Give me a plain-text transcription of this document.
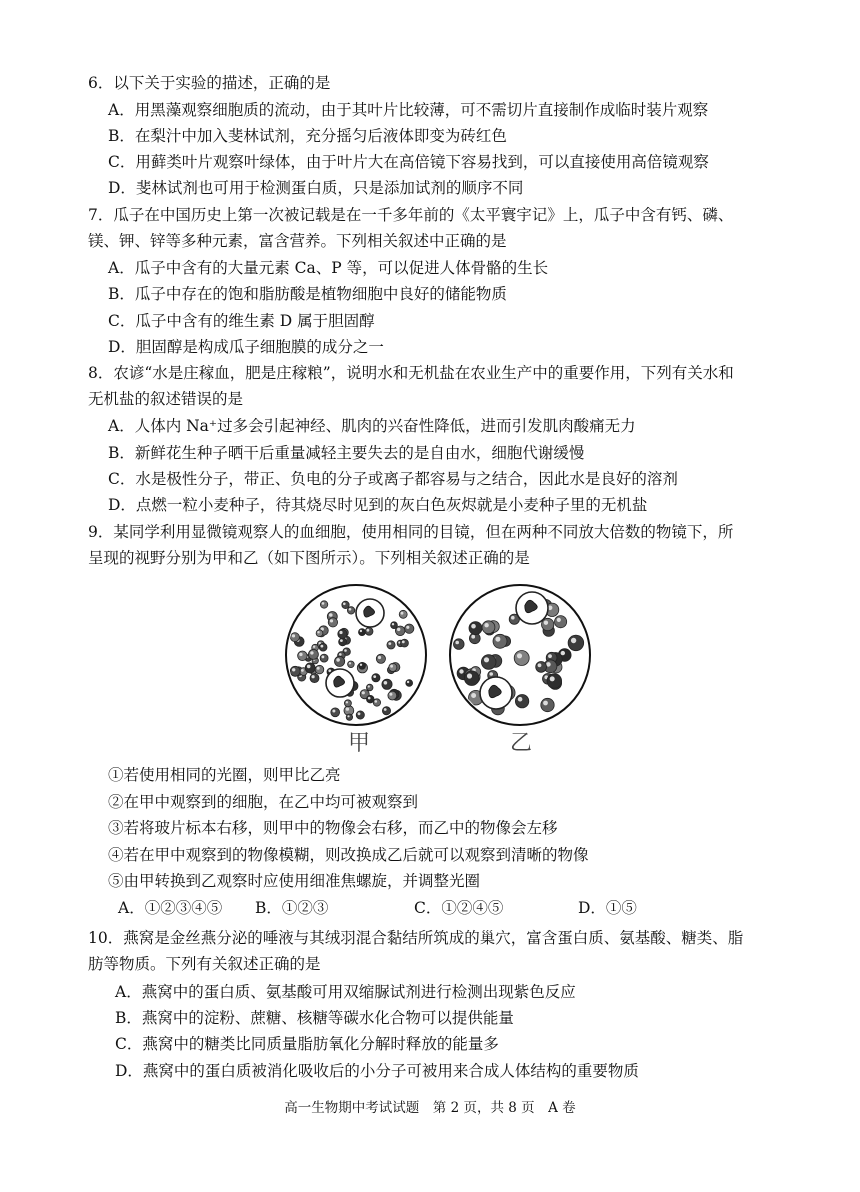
6．以下关于实验的描述，正确的是
A．用黑藻观察细胞质的流动，由于其叶片比较薄，可不需切片直接制作成临时装片观察
B．在梨汁中加入斐林试剂，充分摇匀后液体即变为砖红色
C．用藓类叶片观察叶绿体，由于叶片大在高倍镜下容易找到，可以直接使用高倍镜观察
D．斐林试剂也可用于检测蛋白质，只是添加试剂的顺序不同
7．瓜子在中国历史上第一次被记载是在一千多年前的《太平寰宇记》上，瓜子中含有钙、磷、
镁、钾、锌等多种元素，富含营养。下列相关叙述中正确的是
A．瓜子中含有的大量元素 Ca、P 等，可以促进人体骨骼的生长
B．瓜子中存在的饱和脂肪酸是植物细胞中良好的储能物质
C．瓜子中含有的维生素 D 属于胆固醇
D．胆固醇是构成瓜子细胞膜的成分之一
8．农谚“水是庄稼血，肥是庄稼粮”，说明水和无机盐在农业生产中的重要作用，下列有关水和
无机盐的叙述错误的是
A．人体内 Na⁺过多会引起神经、肌肉的兴奋性降低，进而引发肌肉酸痛无力
B．新鲜花生种子晒干后重量减轻主要失去的是自由水，细胞代谢缓慢
C．水是极性分子，带正、负电的分子或离子都容易与之结合，因此水是良好的溶剂
D．点燃一粒小麦种子，待其烧尽时见到的灰白色灰烬就是小麦种子里的无机盐
9．某同学利用显微镜观察人的血细胞，使用相同的目镜，但在两种不同放大倍数的物镜下，所
呈现的视野分别为甲和乙（如下图所示）。下列相关叙述正确的是
甲	乙
①若使用相同的光圈，则甲比乙亮
②在甲中观察到的细胞，在乙中均可被观察到
③若将玻片标本右移，则甲中的物像会右移，而乙中的物像会左移
④若在甲中观察到的物像模糊，则改换成乙后就可以观察到清晰的物像
⑤由甲转换到乙观察时应使用细准焦螺旋，并调整光圈
A．①②③④⑤ B．①②③	C．①②④⑤	D．①⑤
10．燕窝是金丝燕分泌的唾液与其绒羽混合黏结所筑成的巢穴，富含蛋白质、氨基酸、糖类、脂
肪等物质。下列有关叙述正确的是
A．燕窝中的蛋白质、氨基酸可用双缩脲试剂进行检测出现紫色反应
B．燕窝中的淀粉、蔗糖、核糖等碳水化合物可以提供能量
C．燕窝中的糖类比同质量脂肪氧化分解时释放的能量多
D．燕窝中的蛋白质被消化吸收后的小分子可被用来合成人体结构的重要物质
高一生物期中考试试题　第 2 页，共 8 页　A 卷
